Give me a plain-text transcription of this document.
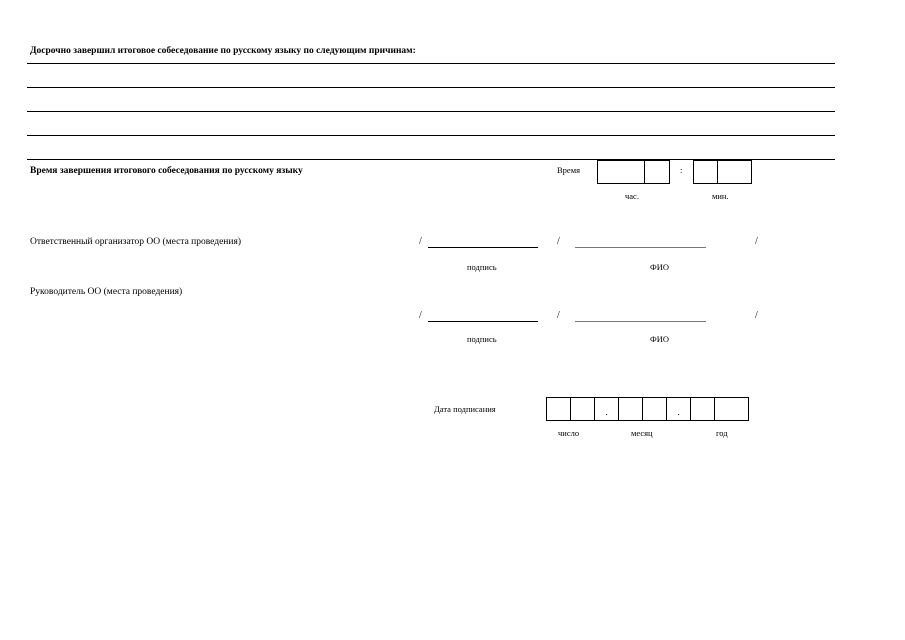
Досрочно завершил итоговое собеседование по русскому языку по следующим причинам:
Время завершения итогового собеседования по русскому языку	Время	:
час.	мин.
Ответственный организатор ОО (места проведения)	/	/	/
подпись	ФИО
Руководитель ОО (места проведения)
/	/	/
подпись	ФИО
Дата подписания	.	.
число	месяц	год
